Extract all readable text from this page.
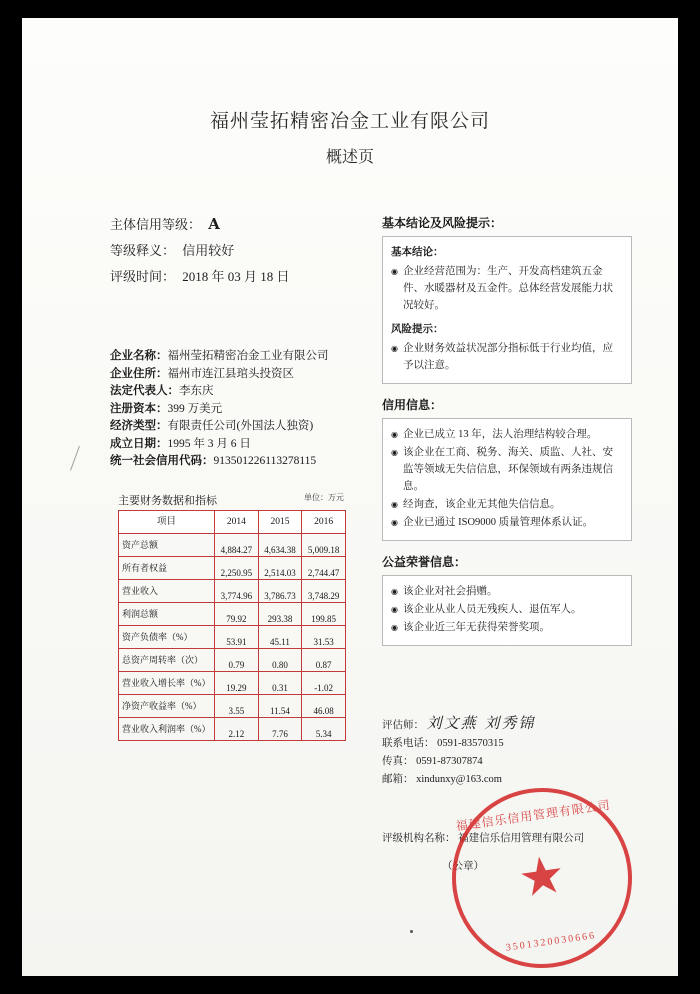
福州莹拓精密冶金工业有限公司
概述页
主体信用等级： A
等级释义： 信用较好
评级时间： 2018 年 03 月 18 日
企业名称：福州莹拓精密冶金工业有限公司
企业住所：福州市连江县琯头投资区
法定代表人：李东庆
注册资本：399 万美元
经济类型：有限责任公司(外国法人独资)
成立日期：1995 年 3 月 6 日
统一社会信用代码：913501226113278115
主要财务数据和指标	单位：万元
项目	2014	2015	2016
资产总额	4,884.27	4,634.38	5,009.18
所有者权益	2,250.95	2,514.03	2,744.47
营业收入	3,774.96	3,786.73	3,748.29
利润总额	79.92	293.38	199.85
资产负债率（%）	53.91	45.11	31.53
总资产周转率（次）	0.79	0.80	0.87
营业收入增长率（%）	19.29	0.31	-1.02
净资产收益率（%）	3.55	11.54	46.08
营业收入利润率（%）	2.12	7.76	5.34
基本结论及风险提示：
基本结论：
◉ 企业经营范围为：生产、开发高档建筑五金件、水暖器材及五金件。总体经营发展能力状况较好。
风险提示：
◉ 企业财务效益状况部分指标低于行业均值，应予以注意。
信用信息：
◉ 企业已成立 13 年，法人治理结构较合理。
◉ 该企业在工商、税务、海关、质监、人社、安监等领域无失信信息，环保领域有两条违规信息。
◉ 经询查，该企业无其他失信信息。
◉ 企业已通过 ISO9000 质量管理体系认证。
公益荣誉信息：
◉ 该企业对社会捐赠。
◉ 该企业从业人员无残疾人、退伍军人。
◉ 该企业近三年无获得荣誉奖项。
评估师： 刘文燕 刘秀锦
联系电话： 0591-83570315
传真： 0591-87307874
邮箱： xindunxy@163.com
评级机构名称： 福建信乐信用管理有限公司
（公章）
福建信乐信用管理有限公司
★
3501320030666
